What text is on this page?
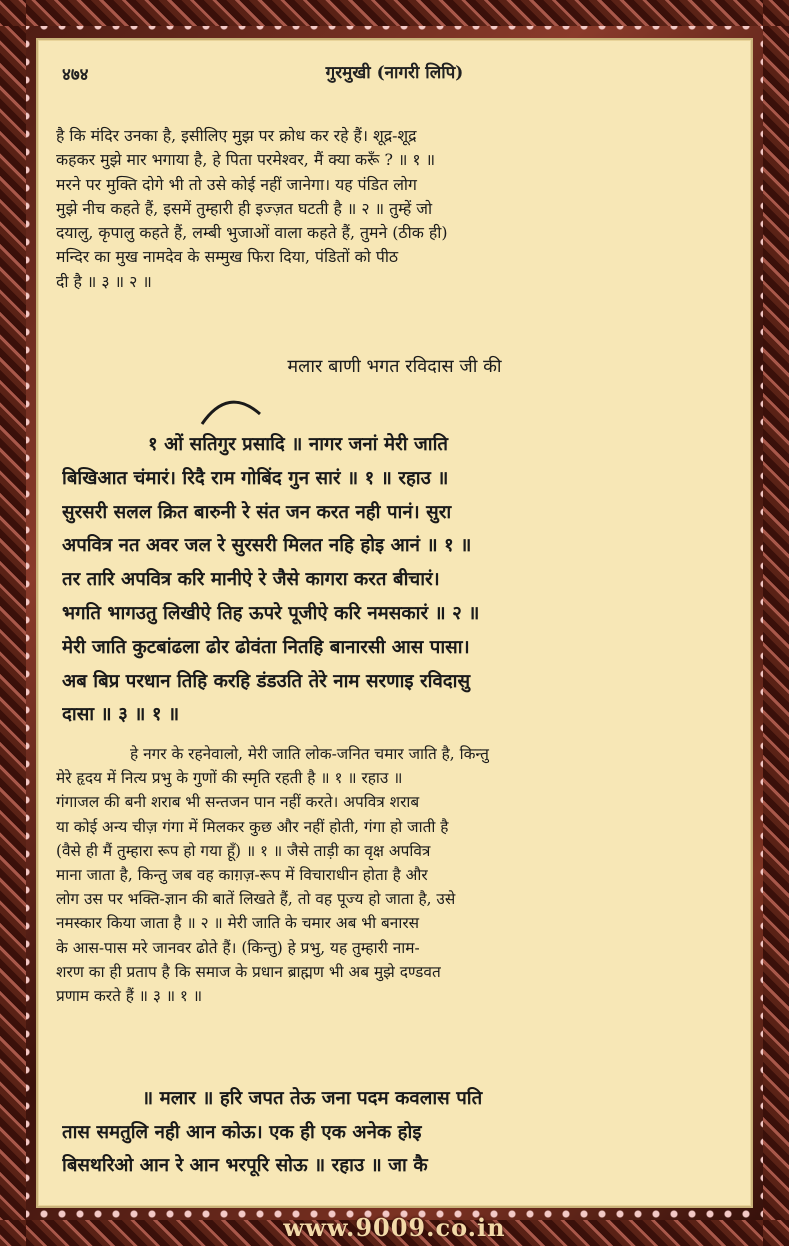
४७४	गुरमुखी (नागरी लिपि)
है कि मंदिर उनका है, इसीलिए मुझ पर क्रोध कर रहे हैं। शूद्र-शूद्र
कहकर मुझे मार भगाया है, हे पिता परमेश्वर, मैं क्या करूँ ? ॥ १ ॥
मरने पर मुक्ति दोगे भी तो उसे कोई नहीं जानेगा। यह पंडित लोग
मुझे नीच कहते हैं, इसमें तुम्हारी ही इज्ज़त घटती है ॥ २ ॥ तुम्हें जो
दयालु, कृपालु कहते हैं, लम्बी भुजाओं वाला कहते हैं, तुमने (ठीक ही)
मन्दिर का मुख नामदेव के सम्मुख फिरा दिया, पंडितों को पीठ
दी है ॥ ३ ॥ २ ॥
मलार बाणी भगत रविदास जी की
१ ओं सतिगुर प्रसादि ॥ नागर जनां मेरी जाति
बिखिआत चंमारं। रिदै राम गोबिंद गुन सारं ॥ १ ॥ रहाउ ॥
सुरसरी सलल क्रित बारुनी रे संत जन करत नही पानं। सुरा
अपवित्र नत अवर जल रे सुरसरी मिलत नहि होइ आनं ॥ १ ॥
तर तारि अपवित्र करि मानीऐ रे जैसे कागरा करत बीचारं।
भगति भागउतु लिखीऐ तिह ऊपरे पूजीऐ करि नमसकारं ॥ २ ॥
मेरी जाति कुटबांढला ढोर ढोवंता नितहि बानारसी आस पासा।
अब बिप्र परधान तिहि करहि डंडउति तेरे नाम सरणाइ रविदासु
दासा ॥ ३ ॥ १ ॥
हे नगर के रहनेवालो, मेरी जाति लोक-जनित चमार जाति है, किन्तु
मेरे हृदय में नित्य प्रभु के गुणों की स्मृति रहती है ॥ १ ॥ रहाउ ॥
गंगाजल की बनी शराब भी सन्तजन पान नहीं करते। अपवित्र शराब
या कोई अन्य चीज़ गंगा में मिलकर कुछ और नहीं होती, गंगा हो जाती है
(वैसे ही मैं तुम्हारा रूप हो गया हूँ) ॥ १ ॥ जैसे ताड़ी का वृक्ष अपवित्र
माना जाता है, किन्तु जब वह काग़ज़-रूप में विचाराधीन होता है और
लोग उस पर भक्ति-ज्ञान की बातें लिखते हैं, तो वह पूज्य हो जाता है, उसे
नमस्कार किया जाता है ॥ २ ॥ मेरी जाति के चमार अब भी बनारस
के आस-पास मरे जानवर ढोते हैं। (किन्तु) हे प्रभु, यह तुम्हारी नाम-
शरण का ही प्रताप है कि समाज के प्रधान ब्राह्मण भी अब मुझे दण्डवत
प्रणाम करते हैं ॥ ३ ॥ १ ॥
॥ मलार ॥ हरि जपत तेऊ जना पदम कवलास पति
तास समतुलि नही आन कोऊ। एक ही एक अनेक होइ
बिसथरिओ आन रे आन भरपूरि सोऊ ॥ रहाउ ॥ जा कै
www.9009.co.in
